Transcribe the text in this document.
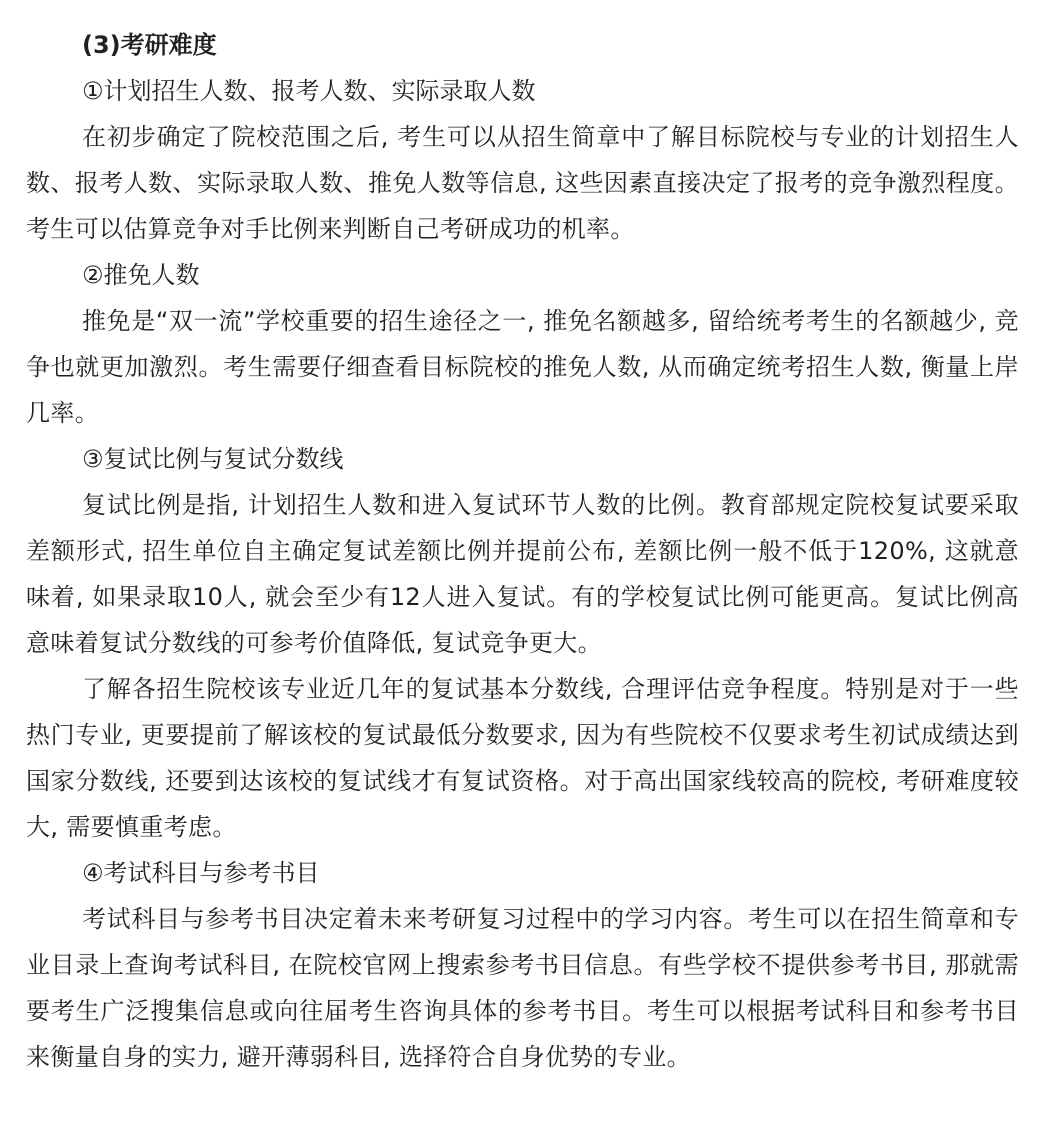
(3)考研难度
①计划招生人数、报考人数、实际录取人数

在初步确定了院校范围之后, 考生可以从招生简章中了解目标院校与专业的计划招生人数、报考人数、实际录取人数、推免人数等信息, 这些因素直接决定了报考的竞争激烈程度。考生可以估算竞争对手比例来判断自己考研成功的机率。

②推免人数

推免是“双一流”学校重要的招生途径之一, 推免名额越多, 留给统考考生的名额越少, 竞争也就更加激烈。考生需要仔细查看目标院校的推免人数, 从而确定统考招生人数, 衡量上岸几率。

③复试比例与复试分数线

复试比例是指, 计划招生人数和进入复试环节人数的比例。教育部规定院校复试要采取差额形式, 招生单位自主确定复试差额比例并提前公布, 差额比例一般不低于120%, 这就意味着, 如果录取10人, 就会至少有12人进入复试。有的学校复试比例可能更高。复试比例高意味着复试分数线的可参考价值降低, 复试竞争更大。

了解各招生院校该专业近几年的复试基本分数线, 合理评估竞争程度。特别是对于一些热门专业, 更要提前了解该校的复试最低分数要求, 因为有些院校不仅要求考生初试成绩达到国家分数线, 还要到达该校的复试线才有复试资格。对于高出国家线较高的院校, 考研难度较大, 需要慎重考虑。

④考试科目与参考书目

考试科目与参考书目决定着未来考研复习过程中的学习内容。考生可以在招生简章和专业目录上查询考试科目, 在院校官网上搜索参考书目信息。有些学校不提供参考书目, 那就需要考生广泛搜集信息或向往届考生咨询具体的参考书目。考生可以根据考试科目和参考书目来衡量自身的实力, 避开薄弱科目, 选择符合自身优势的专业。
